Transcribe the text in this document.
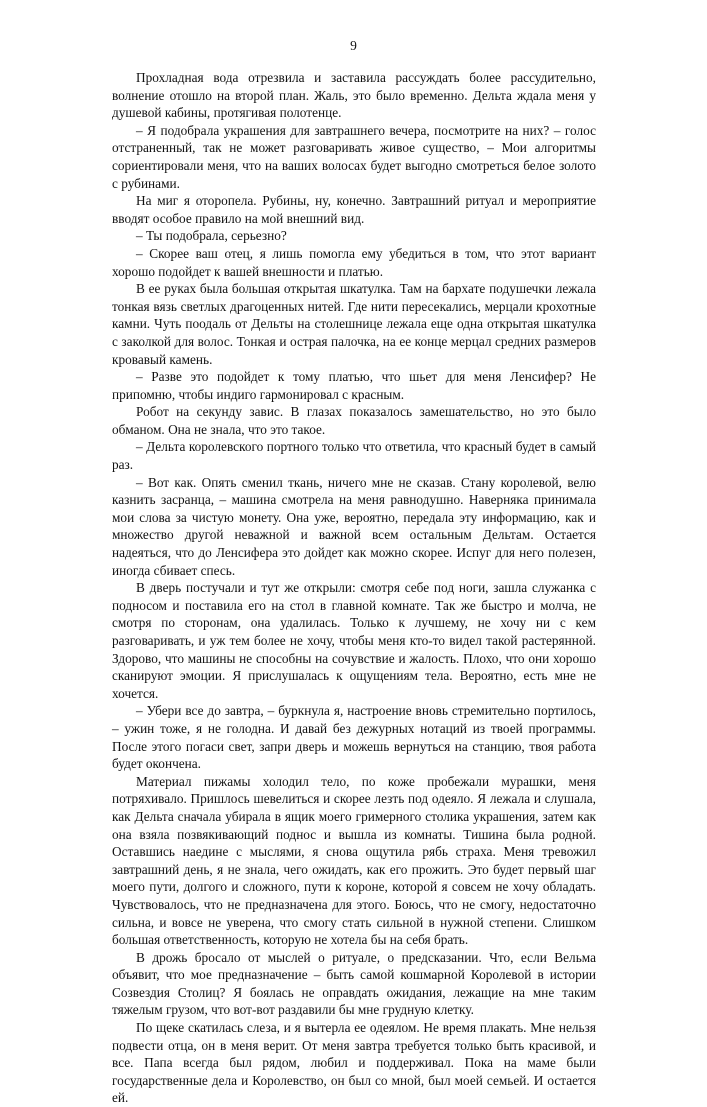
9

Прохладная вода отрезвила и заставила рассуждать более рассудительно, волнение отошло на второй план. Жаль, это было временно. Дельта ждала меня у душевой кабины, протягивая полотенце.

– Я подобрала украшения для завтрашнего вечера, посмотрите на них? – голос отстраненный, так не может разговаривать живое существо, – Мои алгоритмы сориентировали меня, что на ваших волосах будет выгодно смотреться белое золото с рубинами.

На миг я оторопела. Рубины, ну, конечно. Завтрашний ритуал и мероприятие вводят особое правило на мой внешний вид.

– Ты подобрала, серьезно?

– Скорее ваш отец, я лишь помогла ему убедиться в том, что этот вариант хорошо подойдет к вашей внешности и платью.

В ее руках была большая открытая шкатулка. Там на бархате подушечки лежала тонкая вязь светлых драгоценных нитей. Где нити пересекались, мерцали крохотные камни. Чуть поодаль от Дельты на столешнице лежала еще одна открытая шкатулка с заколкой для волос. Тонкая и острая палочка, на ее конце мерцал средних размеров кровавый камень.

– Разве это подойдет к тому платью, что шьет для меня Ленсифер? Не припомню, чтобы индиго гармонировал с красным.

Робот на секунду завис. В глазах показалось замешательство, но это было обманом. Она не знала, что это такое.

– Дельта королевского портного только что ответила, что красный будет в самый раз.

– Вот как. Опять сменил ткань, ничего мне не сказав. Стану королевой, велю казнить засранца, – машина смотрела на меня равнодушно. Наверняка принимала мои слова за чистую монету. Она уже, вероятно, передала эту информацию, как и множество другой неважной и важной всем остальным Дельтам. Остается надеяться, что до Ленсифера это дойдет как можно скорее. Испуг для него полезен, иногда сбивает спесь.

В дверь постучали и тут же открыли: смотря себе под ноги, зашла служанка с подносом и поставила его на стол в главной комнате. Так же быстро и молча, не смотря по сторонам, она удалилась. Только к лучшему, не хочу ни с кем разговаривать, и уж тем более не хочу, чтобы меня кто-то видел такой растерянной. Здорово, что машины не способны на сочувствие и жалость. Плохо, что они хорошо сканируют эмоции. Я прислушалась к ощущениям тела. Вероятно, есть мне не хочется.

– Убери все до завтра, – буркнула я, настроение вновь стремительно портилось, – ужин тоже, я не голодна. И давай без дежурных нотаций из твоей программы. После этого погаси свет, запри дверь и можешь вернуться на станцию, твоя работа будет окончена.

Материал пижамы холодил тело, по коже пробежали мурашки, меня потряхивало. Пришлось шевелиться и скорее лезть под одеяло. Я лежала и слушала, как Дельта сначала убирала в ящик моего гримерного столика украшения, затем как она взяла позвякивающий поднос и вышла из комнаты. Тишина была родной. Оставшись наедине с мыслями, я снова ощутила рябь страха. Меня тревожил завтрашний день, я не знала, чего ожидать, как его прожить. Это будет первый шаг моего пути, долгого и сложного, пути к короне, которой я совсем не хочу обладать. Чувствовалось, что не предназначена для этого. Боюсь, что не смогу, недостаточно сильна, и вовсе не уверена, что смогу стать сильной в нужной степени. Слишком большая ответственность, которую не хотела бы на себя брать.

В дрожь бросало от мыслей о ритуале, о предсказании. Что, если Вельма объявит, что мое предназначение – быть самой кошмарной Королевой в истории Созвездия Столиц? Я боялась не оправдать ожидания, лежащие на мне таким тяжелым грузом, что вот-вот раздавили бы мне грудную клетку.

По щеке скатилась слеза, и я вытерла ее одеялом. Не время плакать. Мне нельзя подвести отца, он в меня верит. От меня завтра требуется только быть красивой, и все. Папа всегда был рядом, любил и поддерживал. Пока на маме были государственные дела и Королевство, он был со мной, был моей семьей. И остается ей.
